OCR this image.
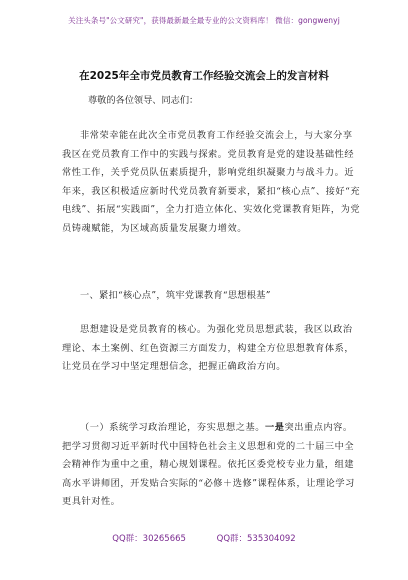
关注头条号"公文研究"，获得最新最全最专业的公文资料库！ 微信：gongwenyj
在2025年全市党员教育工作经验交流会上的发言材料
尊敬的各位领导、同志们：
非常荣幸能在此次全市党员教育工作经验交流会上，与大家分享我区在党员教育工作中的实践与探索。党员教育是党的建设基础性经常性工作，关乎党员队伍素质提升，影响党组织凝聚力与战斗力。近年来，我区积极适应新时代党员教育新要求，紧扣“核心点”、接好“充电线”、拓展“实践面”，全力打造立体化、实效化党课教育矩阵，为党员铸魂赋能，为区域高质量发展聚力增效。
一、紧扣“核心点”，筑牢党课教育“思想根基”
思想建设是党员教育的核心。为强化党员思想武装，我区以政治理论、本土案例、红色资源三方面发力，构建全方位思想教育体系，让党员在学习中坚定理想信念，把握正确政治方向。
（一）系统学习政治理论，夯实思想之基。一是突出重点内容。把学习贯彻习近平新时代中国特色社会主义思想和党的二十届三中全会精神作为重中之重，精心规划课程。依托区委党校专业力量，组建高水平讲师团，开发贴合实际的“必修＋选修”课程体系，让理论学习更具针对性。
QQ群：30265665	QQ群：535304092
